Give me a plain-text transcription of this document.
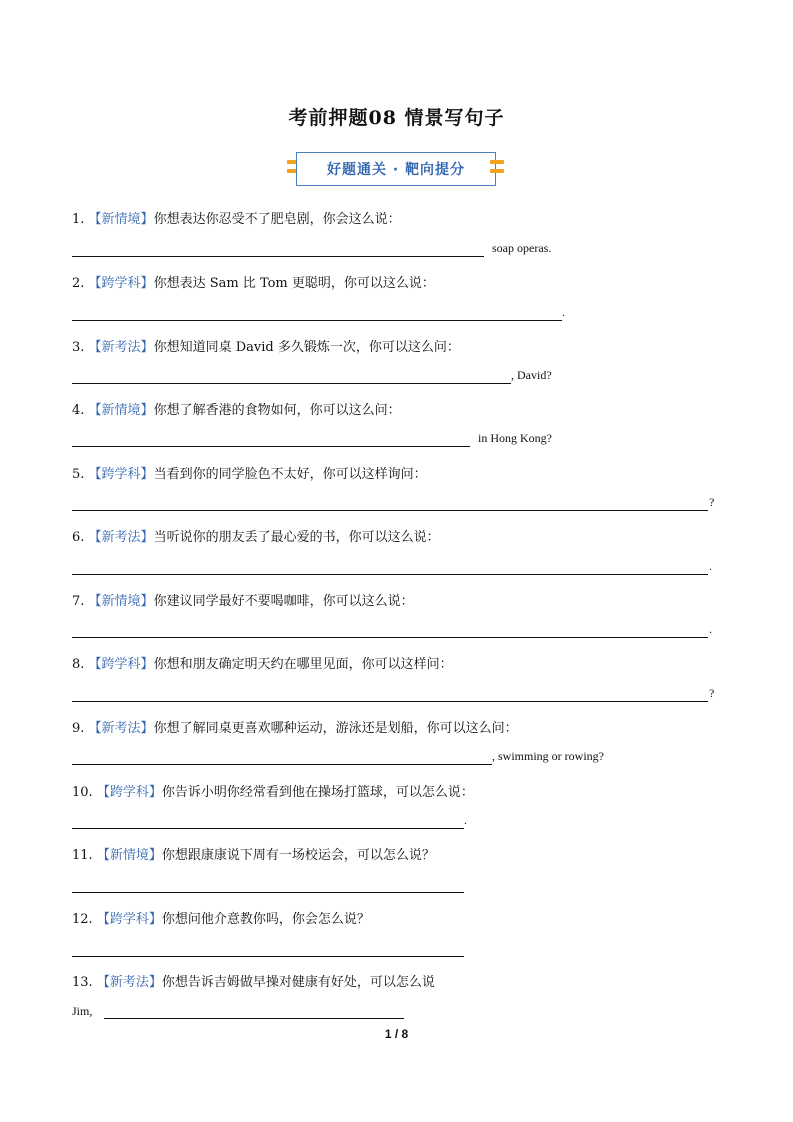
考前押题08 情景写句子
好题通关 · 靶向提分
1. 【新情境】你想表达你忍受不了肥皂剧，你会这么说：
soap operas.
2. 【跨学科】你想表达 Sam 比 Tom 更聪明，你可以这么说：
.
3. 【新考法】你想知道同桌 David 多久锻炼一次，你可以这么问：
, David?
4. 【新情境】你想了解香港的食物如何，你可以这么问：
in Hong Kong?
5. 【跨学科】当看到你的同学脸色不太好，你可以这样询问：
?
6. 【新考法】当听说你的朋友丢了最心爱的书，你可以这么说：
.
7. 【新情境】你建议同学最好不要喝咖啡，你可以这么说：
.
8. 【跨学科】你想和朋友确定明天约在哪里见面，你可以这样问：
?
9. 【新考法】你想了解同桌更喜欢哪种运动，游泳还是划船，你可以这么问：
, swimming or rowing?
10. 【跨学科】你告诉小明你经常看到他在操场打篮球，可以怎么说：
.
11. 【新情境】你想跟康康说下周有一场校运会，可以怎么说？
12. 【跨学科】你想问他介意教你吗，你会怎么说？
13. 【新考法】你想告诉吉姆做早操对健康有好处，可以怎么说
Jim,
1 / 8
